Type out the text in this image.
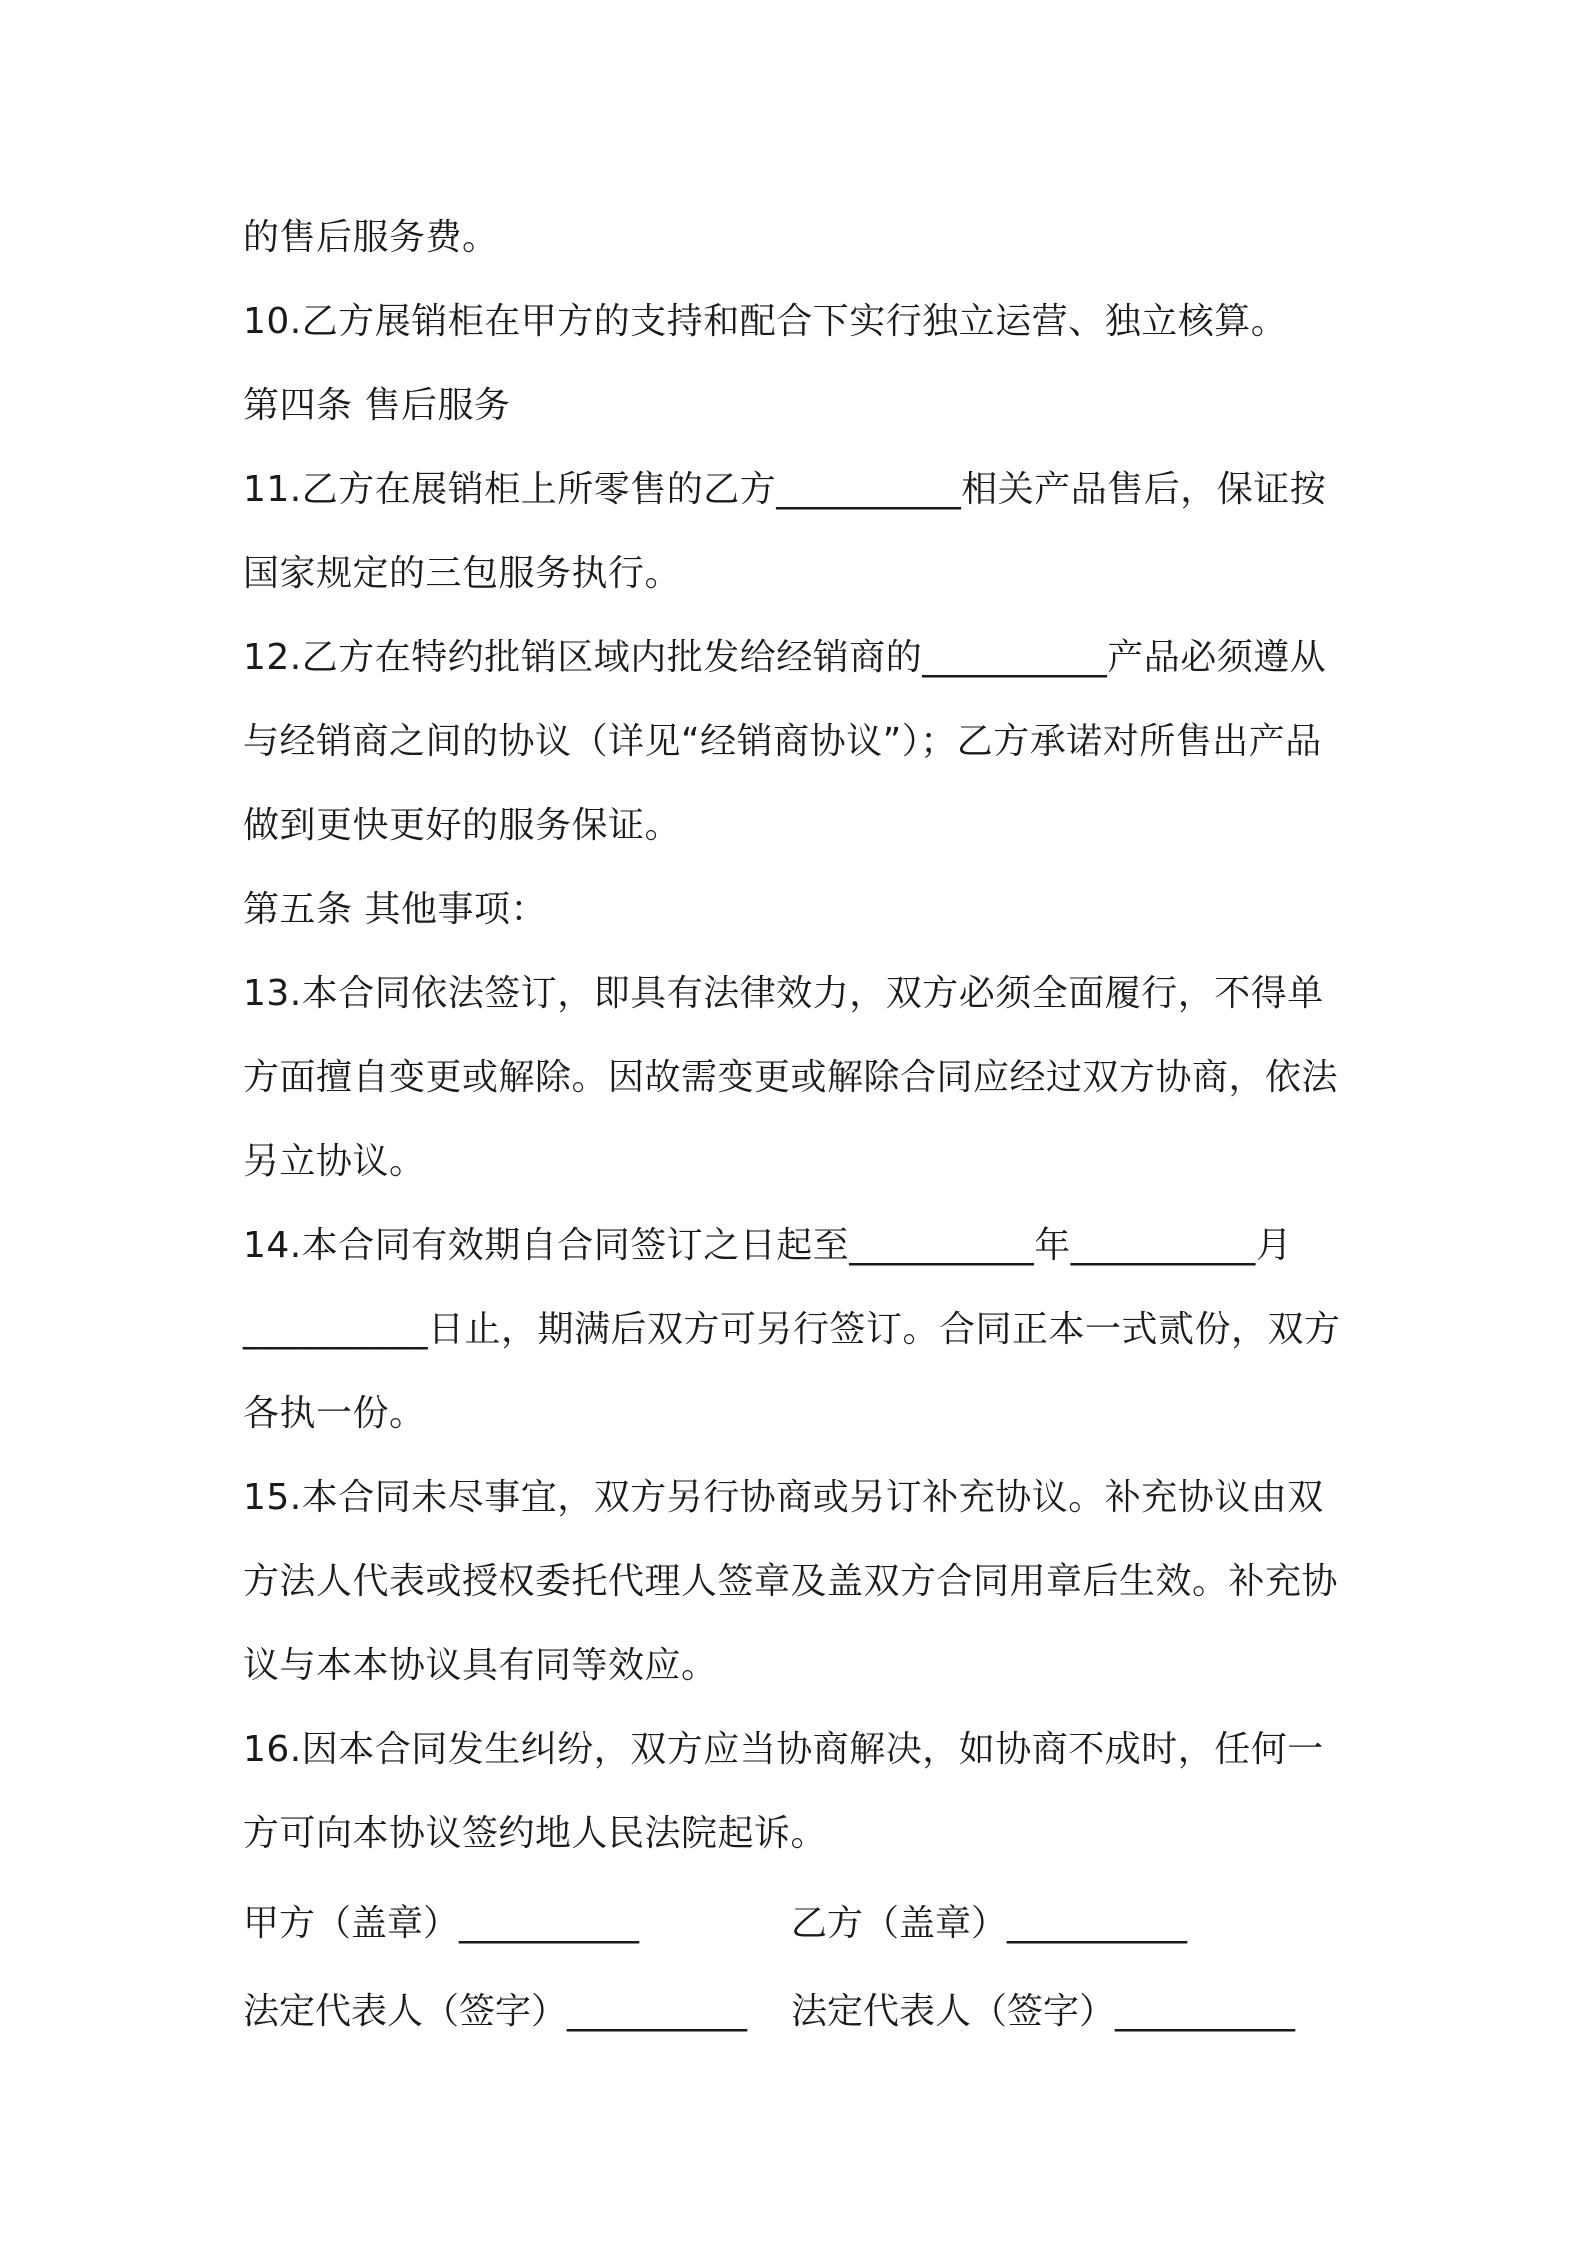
的售后服务费。
10.乙方展销柜在甲方的支持和配合下实行独立运营、独立核算。
第四条 售后服务
11.乙方在展销柜上所零售的乙方__________相关产品售后，保证按
国家规定的三包服务执行。
12.乙方在特约批销区域内批发给经销商的__________产品必须遵从
与经销商之间的协议（详见“经销商协议”）；乙方承诺对所售出产品
做到更快更好的服务保证。
第五条 其他事项：
13.本合同依法签订，即具有法律效力，双方必须全面履行，不得单
方面擅自变更或解除。因故需变更或解除合同应经过双方协商，依法
另立协议。
14.本合同有效期自合同签订之日起至__________年__________月
__________日止，期满后双方可另行签订。合同正本一式贰份，双方
各执一份。
15.本合同未尽事宜，双方另行协商或另订补充协议。补充协议由双
方法人代表或授权委托代理人签章及盖双方合同用章后生效。补充协
议与本本协议具有同等效应。
16.因本合同发生纠纷，双方应当协商解决，如协商不成时，任何一
方可向本协议签约地人民法院起诉。
甲方（盖章）__________	乙方（盖章）__________
法定代表人（签字）__________ 法定代表人（签字）__________
